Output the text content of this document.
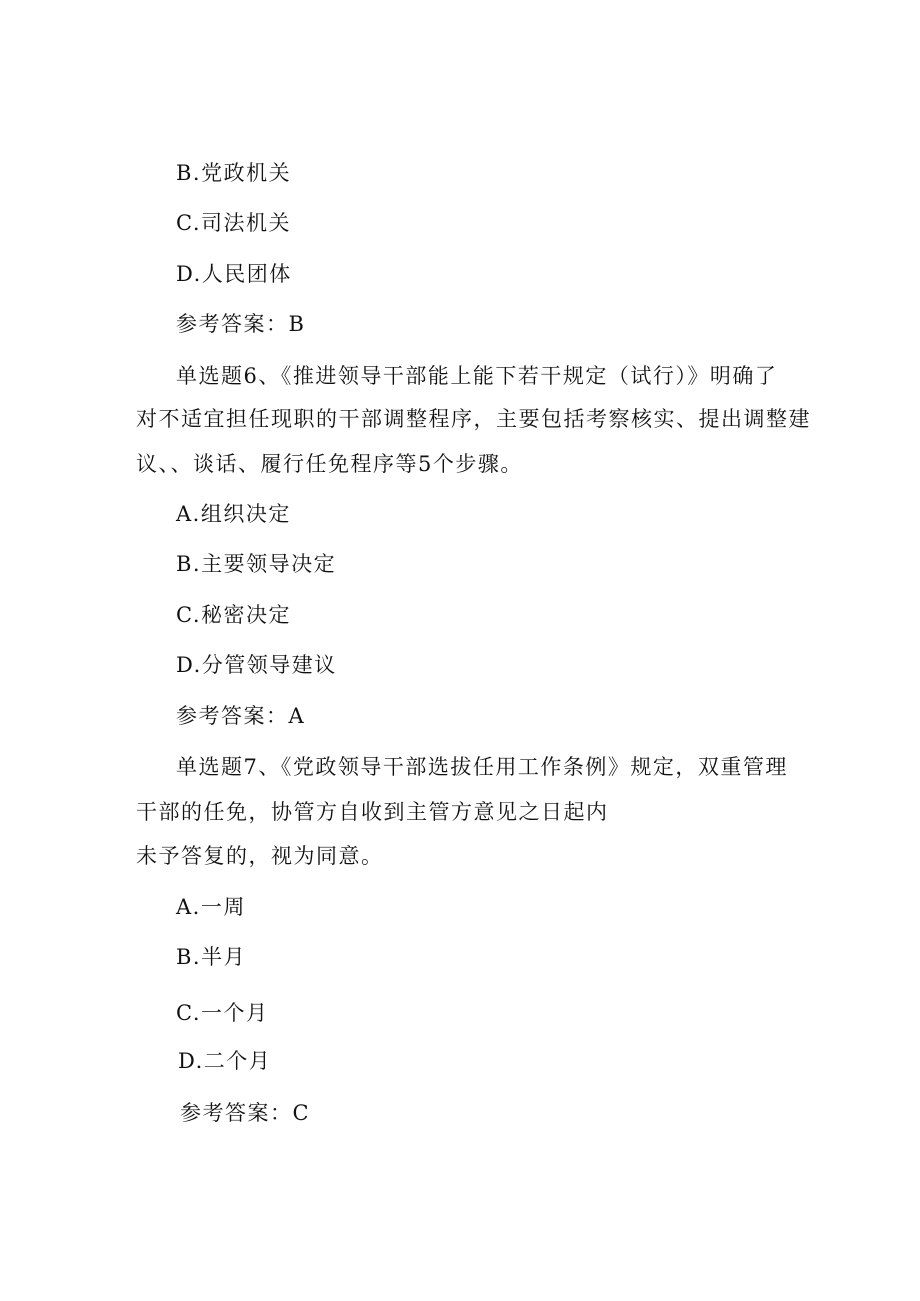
B.党政机关
C.司法机关
D.人民团体
参考答案：B
单选题6、《推进领导干部能上能下若干规定（试行）》明确了
对不适宜担任现职的干部调整程序，主要包括考察核实、提出调整建
议、、谈话、履行任免程序等5个步骤。
A.组织决定
B.主要领导决定
C.秘密决定
D.分管领导建议
参考答案：A
单选题7、《党政领导干部选拔任用工作条例》规定，双重管理
干部的任免，协管方自收到主管方意见之日起内
未予答复的，视为同意。
A.一周
B.半月
C.一个月
D.二个月
参考答案：C
